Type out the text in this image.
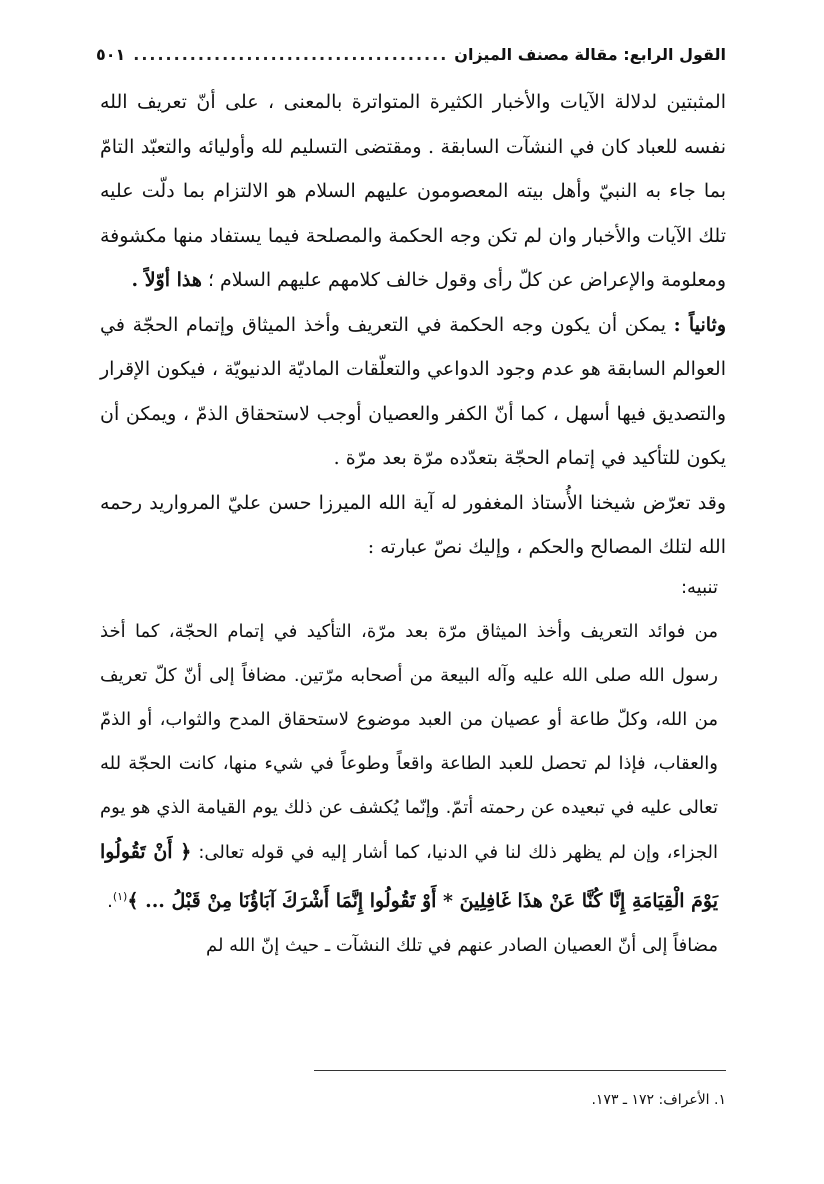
القول الرابع: مقالة مصنف الميزان
.....
٥٠١

المثبتين لدلالة الآيات والأخبار الكثيرة المتواترة بالمعنى ، على أنّ تعريف الله نفسه للعباد كان في النشآت السابقة . ومقتضى التسليم لله وأوليائه والتعبّد التامّ بما جاء به النبيّ وأهل بيته المعصومون عليهم السلام هو الالتزام بما دلّت عليه تلك الآيات والأخبار وان لم تكن وجه الحكمة والمصلحة فيما يستفاد منها مكشوفة ومعلومة والإعراض عن كلّ رأى وقول خالف كلامهم عليهم السلام ؛ هذا أوّلاً .

وثانياً : يمكن أن يكون وجه الحكمة في التعريف وأخذ الميثاق وإتمام الحجّة في العوالم السابقة هو عدم وجود الدواعي والتعلّقات الماديّة الدنيويّة ، فيكون الإقرار والتصديق فيها أسهل ، كما أنّ الكفر والعصيان أوجب لاستحقاق الذمّ ، ويمكن أن يكون للتأكيد في إتمام الحجّة بتعدّده مرّة بعد مرّة .

وقد تعرّض شيخنا الأُستاذ المغفور له آية الله الميرزا حسن عليّ المرواريد رحمه الله لتلك المصالح والحكم ، وإليك نصّ عبارته :

تنبيه:

من فوائد التعريف وأخذ الميثاق مرّة بعد مرّة، التأكيد في إتمام الحجّة، كما أخذ رسول الله صلى الله عليه وآله البيعة من أصحابه مرّتين. مضافاً إلى أنّ كلّ تعريف من الله، وكلّ طاعة أو عصيان من العبد موضوع لاستحقاق المدح والثواب، أو الذمّ والعقاب، فإذا لم تحصل للعبد الطاعة واقعاً وطوعاً في شيء منها، كانت الحجّة لله تعالى عليه في تبعيده عن رحمته أتمّ. وإنّما يُكشف عن ذلك يوم القيامة الذي هو يوم الجزاء، وإن لم يظهر ذلك لنا في الدنيا، كما أشار إليه في قوله تعالى: ﴿ أَنْ تَقُولُوا يَوْمَ الْقِيَامَةِ إِنَّا كُنَّا عَنْ هذَا غَافِلِينَ * أَوْ تَقُولُوا إِنَّمَا أَشْرَكَ آبَاؤُنَا مِنْ قَبْلُ ... ﴾$^{(١)}$.

مضافاً إلى أنّ العصيان الصادر عنهم في تلك النشآت ـ حيث إنّ الله لم

١. الأعراف: ١٧٢ ـ ١٧٣.
